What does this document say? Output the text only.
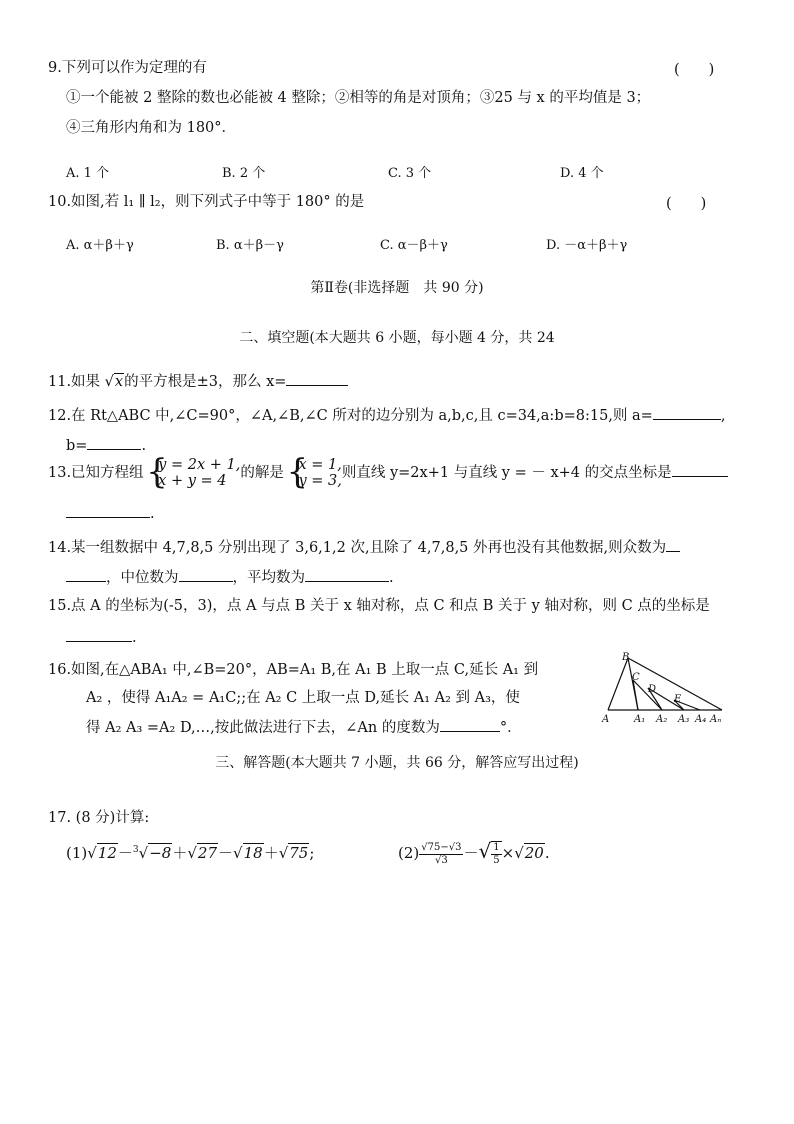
9.下列可以作为定理的有	(　　)
①一个能被 2 整除的数也必能被 4 整除；②相等的角是对顶角；③25 与 x 的平均值是 3；
④三角形内角和为 180°．
A. 1 个	B. 2 个	C. 3 个	D. 4 个
10.如图,若 l₁ ∥ l₂，则下列式子中等于 180° 的是	(　　)
A. α＋β＋γ	B. α＋β－γ	C. α－β＋γ	D. －α＋β＋γ
第Ⅱ卷(非选择题　共 90 分)
二、填空题(本大题共 6 小题，每小题 4 分，共 24
11.如果 √x的平方根是±3，那么 x=
12.在 Rt△ABC 中,∠C=90°，∠A,∠B,∠C 所对的边分别为 a,b,c,且 c=34,a:b=8:15,则 a=	,
b=	.
13.已知方程组 { y = 2x + 1,
x + y = 4 的解是 { x = 1,
y = 3, 则直线 y=2x+1 与直线 y = － x+4 的交点坐标是
.
14.某一组数据中 4,7,8,5 分别出现了 3,6,1,2 次,且除了 4,7,8,5 外再也没有其他数据,则众数为
，中位数为	，平均数为	.
15.点 A 的坐标为(-5，3)，点 A 与点 B 关于 x 轴对称，点 C 和点 B 关于 y 轴对称，则 C 点的坐标是
.
16.如图,在△ABA₁ 中,∠B=20°，AB=A₁ B,在 A₁ B 上取一点 C,延长 A₁ 到
A₂ ，使得 A₁A₂ = A₁C;;在 A₂ C 上取一点 D,延长 A₁ A₂ 到 A₃，使
得 A₂ A₃ =A₂ D,…,按此做法进行下去，∠An 的度数为	°．
B
C
D
E
A A₁ A₂ A₃ A₄ Aₙ
三、解答题(本大题共 7 小题，共 66 分，解答应写出过程)
17. (8 分)计算:
(1)√12－$^3$√−8＋√27－√18＋√75;	$(2) \frac{√75-√3}{√3}$ －√ $\frac{1}{5} \times√20$.
